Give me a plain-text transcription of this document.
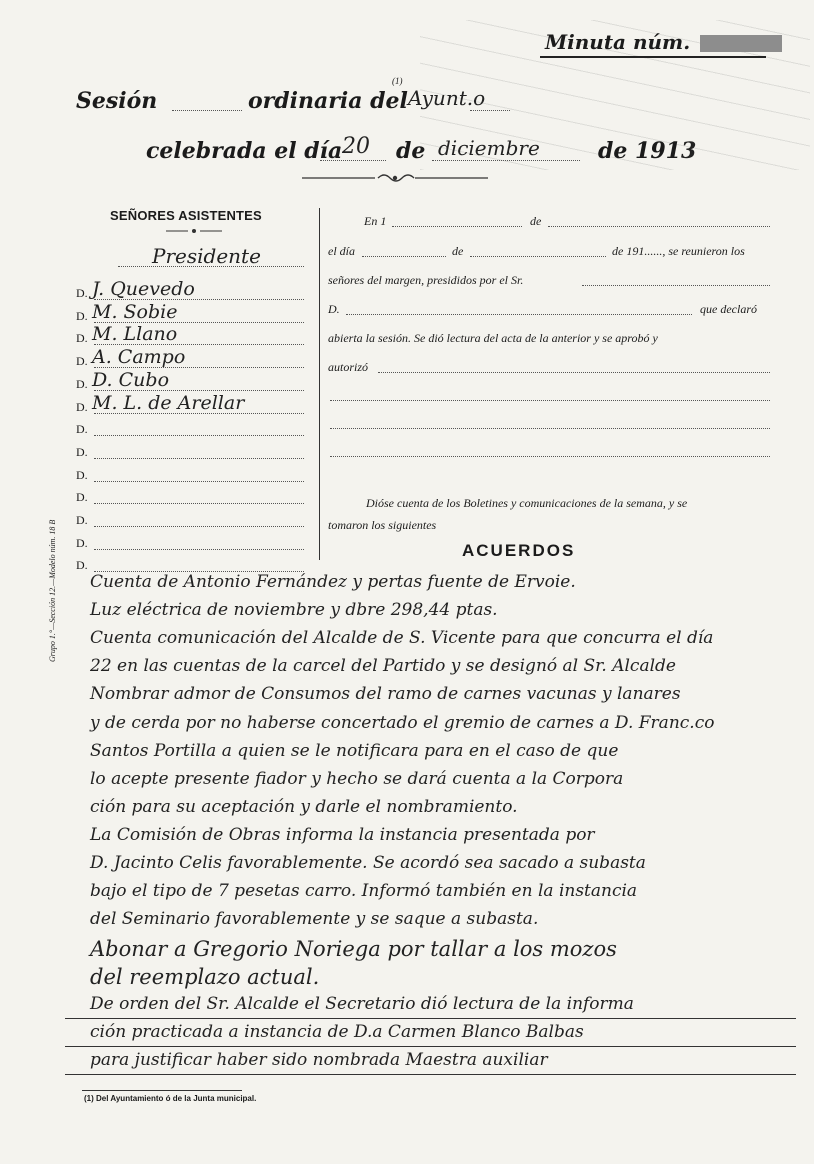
Minuta núm.
Sesión	ordinaria del
(1)
Ayunt.o
celebrada el día 20 de diciembre	de 1913
SEÑORES ASISTENTES
Presidente
D. J. Quevedo
D. M. Sobie
D. M. Llano
D. A. Campo
D. D. Cubo
D. M. L. de Arellar
D.
D.
D.
D.
D.
D.
D.
Grupo 1.°—Sección 12.—Modelo núm. 18 B
En 1	de
el día	de	de 191......, se reunieron los
señores del margen, presididos por el Sr.
D.	que declaró
abierta la sesión. Se dió lectura del acta de la anterior y se aprobó y
autorizó
Dióse cuenta de los Boletines y comunicaciones de la semana, y se
tomaron los siguientes
ACUERDOS
Cuenta de Antonio Fernández y pertas fuente de Ervoie.
Luz eléctrica de noviembre y dbre 298,44 ptas.
Cuenta comunicación del Alcalde de S. Vicente para que concurra el día
22 en las cuentas de la carcel del Partido y se designó al Sr. Alcalde
Nombrar admor de Consumos del ramo de carnes vacunas y lanares
y de cerda por no haberse concertado el gremio de carnes a D. Franc.co
Santos Portilla a quien se le notificara para en el caso de que
lo acepte presente fiador y hecho se dará cuenta a la Corpora
ción para su aceptación y darle el nombramiento.
La Comisión de Obras informa la instancia presentada por
D. Jacinto Celis favorablemente. Se acordó sea sacado a subasta
bajo el tipo de 7 pesetas carro. Informó también en la instancia
del Seminario favorablemente y se saque a subasta.
Abonar a Gregorio Noriega por tallar a los mozos
del reemplazo actual.
De orden del Sr. Alcalde el Secretario dió lectura de la informa
ción practicada a instancia de D.a Carmen Blanco Balbas
para justificar haber sido nombrada Maestra auxiliar
(1) Del Ayuntamiento ó de la Junta municipal.
